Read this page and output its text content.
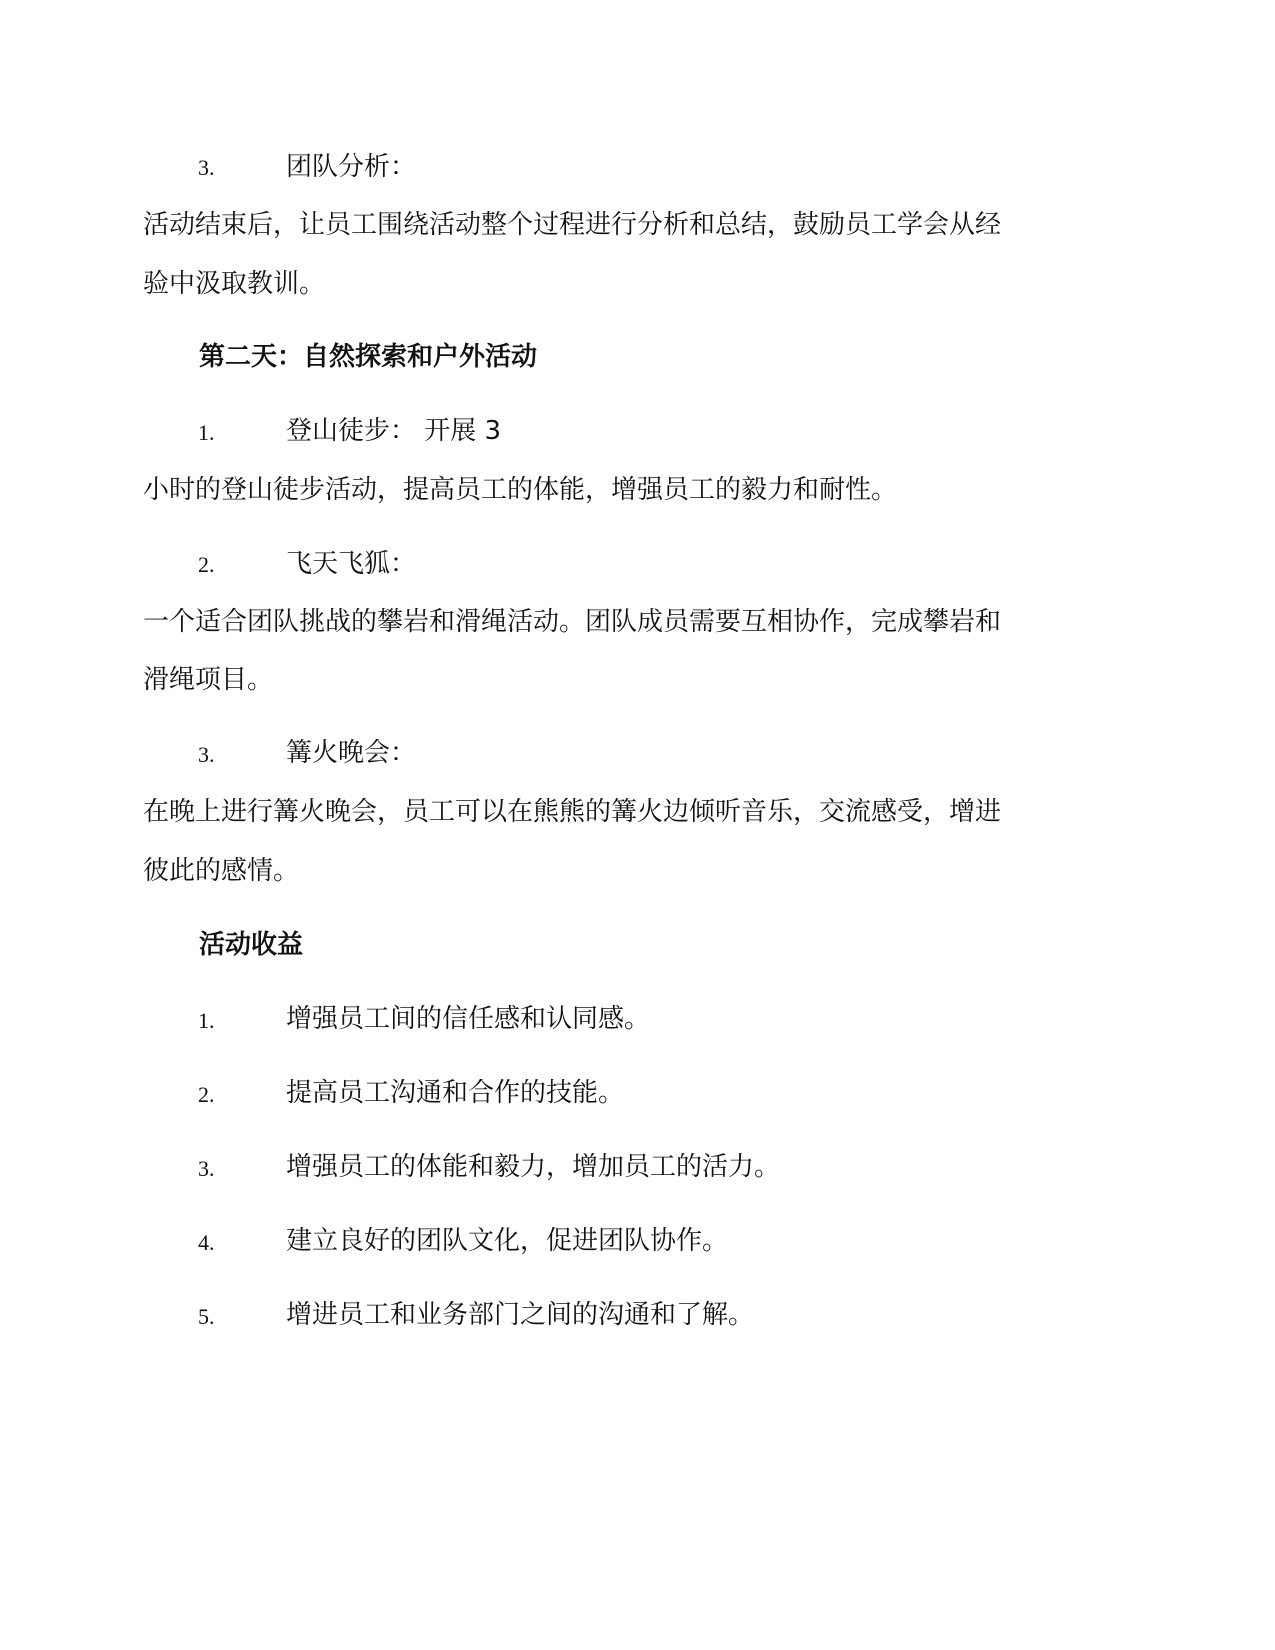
3.	团队分析：
活动结束后，让员工围绕活动整个过程进行分析和总结，鼓励员工学会从经
验中汲取教训。
第二天：自然探索和户外活动
1.	登山徒步： 开展 3
小时的登山徒步活动，提高员工的体能，增强员工的毅力和耐性。
2.	飞天飞狐：
一个适合团队挑战的攀岩和滑绳活动。团队成员需要互相协作，完成攀岩和
滑绳项目。
3.	篝火晚会：
在晚上进行篝火晚会，员工可以在熊熊的篝火边倾听音乐，交流感受，增进
彼此的感情。
活动收益
1.	增强员工间的信任感和认同感。
2.	提高员工沟通和合作的技能。
3.	增强员工的体能和毅力，增加员工的活力。
4.	建立良好的团队文化，促进团队协作。
5.	增进员工和业务部门之间的沟通和了解。
